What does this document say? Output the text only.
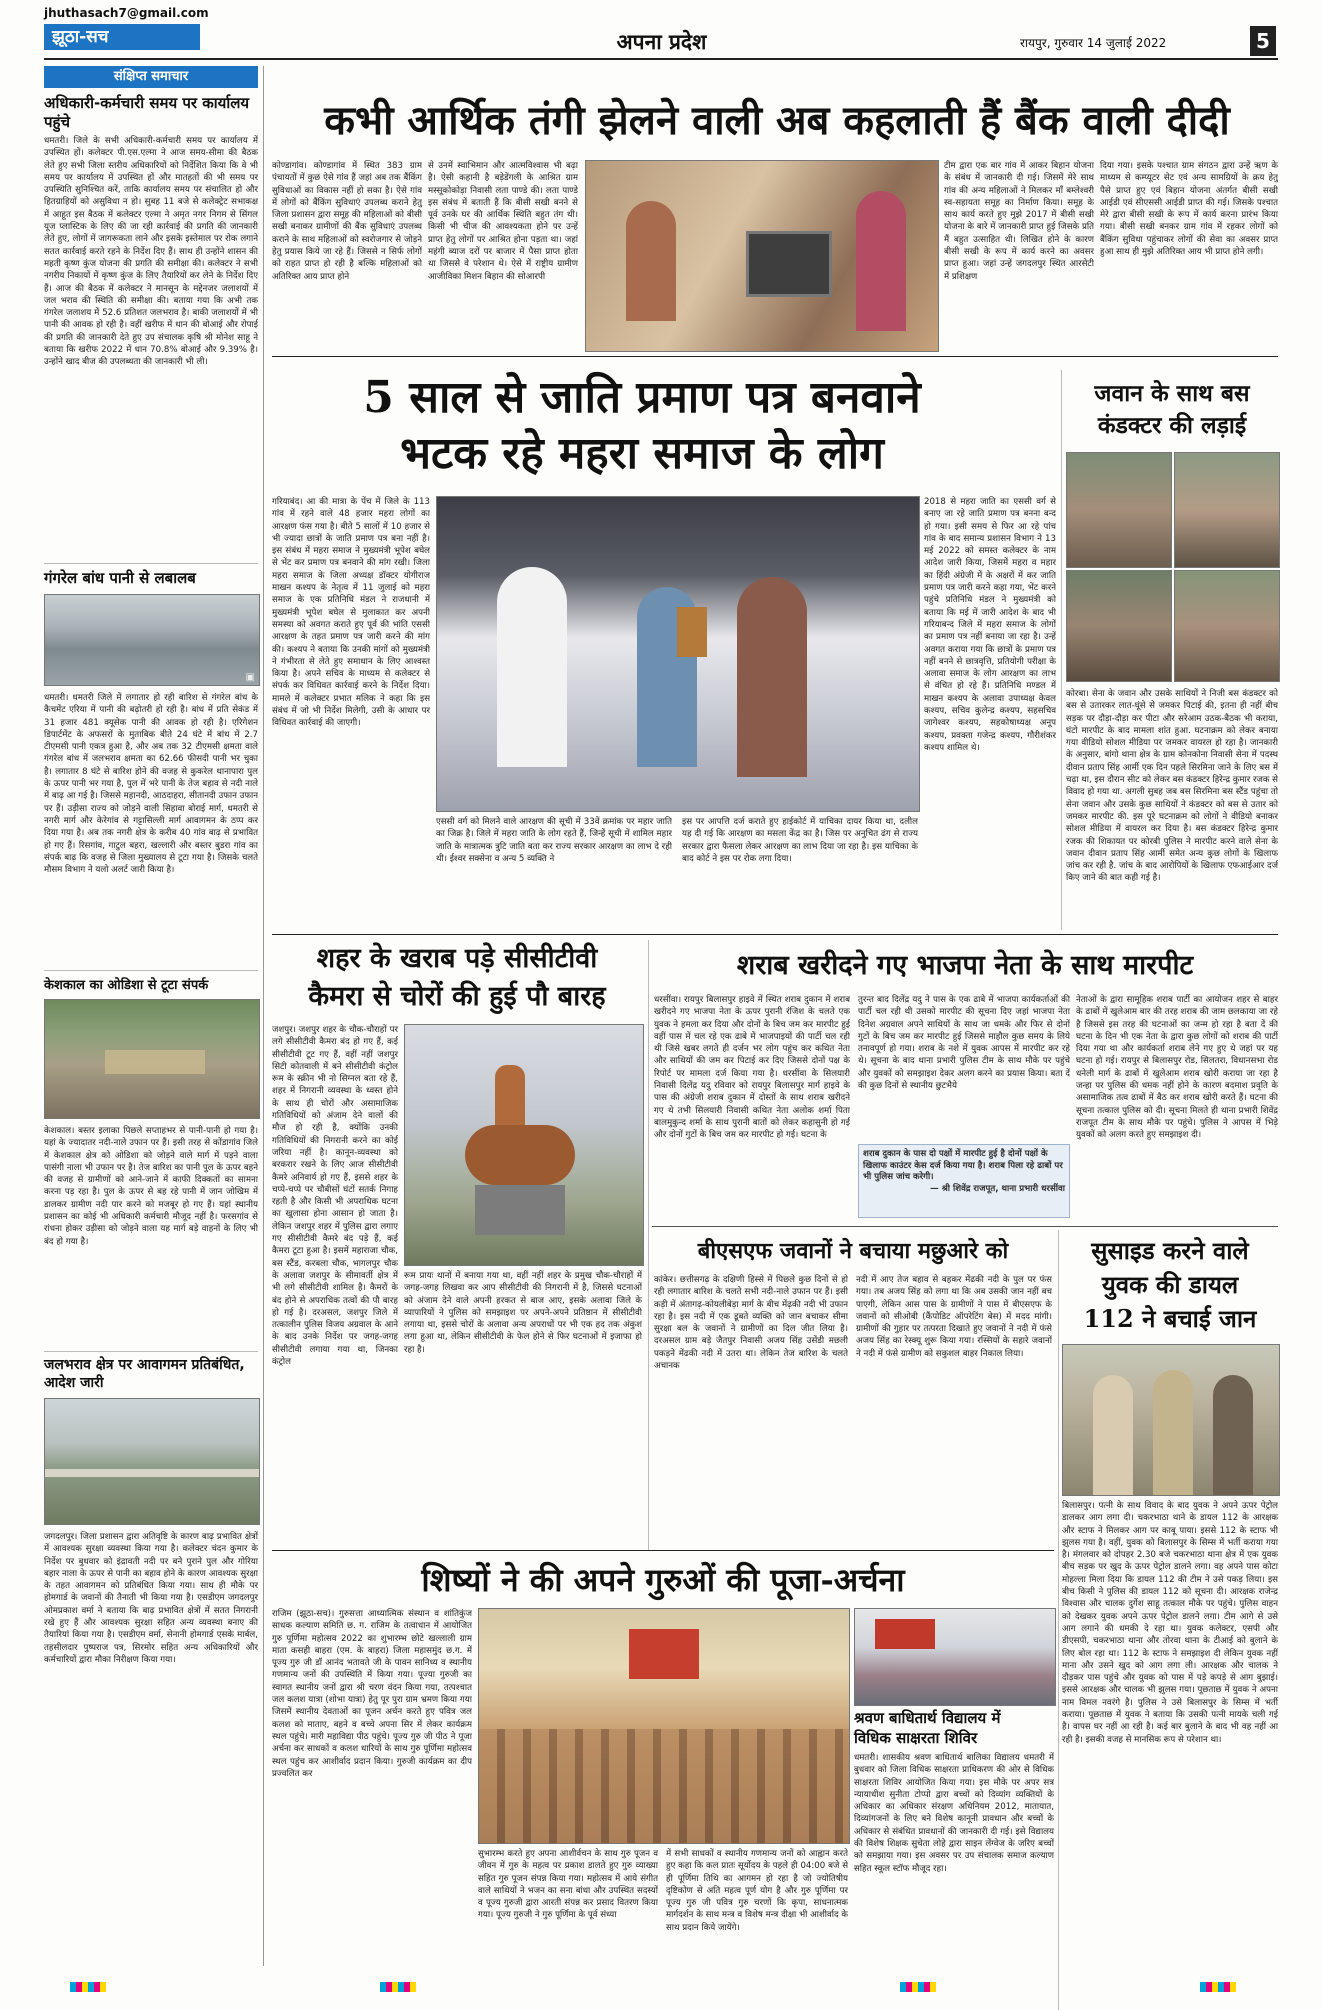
jhuthasach7@gmail.com
झूठा-सच	अपना प्रदेश	रायपुर, गुरुवार 14 जुलाई 2022	5
संक्षिप्त समाचार
अधिकारी-कर्मचारी समय पर कार्यालय पहुंचे
धमतरी। जिले के सभी अधिकारी-कर्मचारी समय पर कार्यालय में उपस्थित हों। कलेक्टर पी.एस.एल्मा ने आज समय-सीमा की बैठक लेते हुए सभी जिला स्तरीय अधिकारियों को निर्देशित किया कि वे भी समय पर कार्यालय में उपस्थित हों और मातहतों की भी समय पर उपस्थिति सुनिश्चित करें, ताकि कार्यालय समय पर संचालित हो और हितग्राहियों को असुविधा न हो। सुबह 11 बजे से कलेक्ट्रेट सभाकक्ष में आहूत इस बैठक में कलेक्टर एल्मा ने अमृत नगर निगम से सिंगल यूज प्लास्टिक के लिए की जा रही कार्रवाई की प्रगति की जानकारी लेते हुए, लोगों में जागरूकता लाने और इसके इस्तेमाल पर रोक लगाने सतत कार्रवाई करते रहने के निर्देश दिए हैं। साथ ही उन्होंने शासन की महती कृष्ण कुंज योजना की प्रगति की समीक्षा की। कलेक्टर ने सभी नगरीय निकायों में कृष्ण कुंज के लिए तैयारियों कर लेने के निर्देश दिए हैं। आज की बैठक में कलेक्टर ने मानसून के मद्देनजर जलाशयों में जल भराव की स्थिति की समीक्षा की। बताया गया कि अभी तक गंगरेल जलाशय में 52.6 प्रतिशत जलभराव है। बाकी जलाशयों में भी पानी की आवक हो रही है। वहीं खरीफ में धान की बोआई और रोपाई की प्रगति की जानकारी देते हुए उप संचालक कृषि श्री मोनेश साहू ने बताया कि खरीफ 2022 में धान 70.8% बोआई और 9.39% है। उन्होंने खाद बीज की उपलब्धता की जानकारी भी ली।
गंगरेल बांध पानी से लबालब
▣
धमतरी। धमतरी जिले में लगातार हो रही बारिश से गंगरेल बांध के कैचमेंट एरिया में पानी की बढ़ोतरी हो रही है। बांध में प्रति सेकंड में 31 हजार 481 क्यूसेक पानी की आवक हो रही है। एरिगेशन डिपार्टमेंट के अफसरों के मुताबिक बीते 24 घंटे में बांध में 2.7 टीएमसी पानी एकत्र हुआ है, और अब तक 32 टीएमसी क्षमता वाले गंगरेल बांध में जलभराव क्षमता का 62.66 फीसदी पानी भर चुका है। लगातार 8 घंटे से बारिश होने की वजह से कुकरेल थानापारा पुल के ऊपर पानी भर गया है, पुल में भरे पानी के तेज बहाव से नदी नाले में बाढ़ आ गई है। जिससे महानदी, आठदाहरा, सीतानदी उफान उफान पर हैं। उड़ीसा राज्य को जोड़ने वाली सिहावा बोराई मार्ग, धमतरी से नगरी मार्ग और केरेगांव से गट्टासिल्ली मार्ग आवागमन के ठप्प कर दिया गया है। अब तक नगरी क्षेत्र के करीब 40 गांव बाढ़ से प्रभावित हो गए हैं। रिसगांव, गाटुल बहरा, खल्लारी और बस्तर बुडरा गांव का संपर्क बाढ़ कि वजह से जिला मुख्यालय से टूटा गया है। जिसके चलते मौसम विभाग ने यलो अलर्ट जारी किया है।
केशकाल का ओडिशा से टूटा संपर्क
केशकाल। बस्तर इलाका पिछले सप्ताहभर से पानी-पानी हो गया है। यहां के ज्यादातर नदी-नाले उफान पर हैं। इसी तरह से कोंडागांव जिले में केशकाल क्षेत्र को ओडिशा को जोड़ने वाले मार्ग में पड़ने वाला पासंगी नाला भी उफान पर है। तेज बारिश का पानी पुल के ऊपर बहने की वजह से ग्रामीणों को आने-जाने में काफी दिक्कतों का सामना करना पड़ रहा है। पुल के ऊपर से बह रहे पानी में जान जोखिम में डालकर ग्रामीण नदी पार करने को मजबूर हो गए हैं। यहां स्थानीय प्रशासन का कोई भी अधिकारी कर्मचारी मौजूद नहीं है। फरसगांव से रांधना होकर उड़ीसा को जोड़ने वाला यह मार्ग बड़े वाहनों के लिए भी बंद हो गया है।
जलभराव क्षेत्र पर आवागमन प्रतिबंधित, आदेश जारी
जगदलपुर। जिला प्रशासन द्वारा अतिवृष्टि के कारण बाढ़ प्रभावित क्षेत्रों में आवश्यक सुरक्षा व्यवस्था किया गया है। कलेक्टर चंदन कुमार के निर्देश पर बुधवार को इंद्रावती नदी पर बने पुराने पुल और गोरिया बहार नाला के ऊपर से पानी का बहाव होने के कारण आवश्यक सुरक्षा के तहत आवागमन को प्रतिबंधित किया गया। साथ ही मौके पर होमगार्ड के जवानों की तैनाती भी किया गया है। एसडीएम जगदलपुर ओमप्रकाश वर्मा ने बताया कि बाढ़ प्रभावित क्षेत्रों में सतत निगरानी रखे हुए हैं और आवश्यक सुरक्षा सहित अन्य व्यवस्था बनाए की तैयारियां किया गया है। एसडीएम वर्मा, सेनानी होमगार्ड एसके मार्बल, तहसीलदार पुष्पराज पत्र, सिरमोर सहित अन्य अधिकारियों और कर्मचारियों द्वारा मौका निरीक्षण किया गया।
कभी आर्थिक तंगी झेलने वाली अब कहलाती हैं बैंक वाली दीदी
कोण्डागांव। कोण्डागांव में स्थित 383 ग्राम पंचायतों में कुछ ऐसे गांव हैं जहां अब तक बैंकिंग सुविधाओं का विकास नहीं हो सका है। ऐसे गांव में लोगों को बैंकिंग सुविधाएं उपलब्ध कराने हेतु जिला प्रशासन द्वारा समूह की महिलाओं को बीसी सखी बनाकर ग्रामीणों की बैंक सुविधाएं उपलब्ध कराने के साथ महिलाओं को स्वरोजगार से जोड़ने हेतु प्रयास किये जा रहे हैं। जिससे न सिर्फ लोगों को राहत प्राप्त हो रही है बल्कि महिलाओं को अतिरिक्त आय प्राप्त होने
से उनमें स्वाभिमान और आत्मविश्वास भी बढ़ा है। ऐसी कहानी है बड़ेडेंगली के आश्रित ग्राम मस्सूकोकोड़ा निवासी लता पाण्डे की। लता पाण्डे इस संबंध में बताती हैं कि बीसी सखी बनने से पूर्व उनके घर की आर्थिक स्थिति बहुत तंग थी। किसी भी चीज की आवश्यकता होने पर उन्हें प्राप्त हेतु लोगों पर आश्रित होना पड़ता था। जहां महंगी ब्याज दरों पर बाजार में पैसा प्राप्त होता था जिससे वे परेशान थे। ऐसे में राष्ट्रीय ग्रामीण आजीविका मिशन बिहान की सोआरपी
टीम द्वारा एक बार गांव में आकर बिहान योजना के संबंध में जानकारी दी गई। जिसमें मेरे साथ गांव की अन्य महिलाओं ने मिलकर माँ बम्लेश्वरी स्व-सहायता समूह का निर्माण किया। समूह के साथ कार्य करते हुए मुझे 2017 में बीसी सखी योजना के बारे में जानकारी प्राप्त हुई जिसके प्रति मैं बहुत उत्साहित थी। लिखित होने के कारण बीसी सखी के रूप में कार्य करने का अवसर प्राप्त हुआ। जहां उन्हें जगदलपुर स्थित आरसेटी में प्रशिक्षण
दिया गया। इसके पश्चात ग्राम संगठन द्वारा उन्हें ऋण के माध्यम से कम्प्यूटर सेट एवं अन्य सामग्रियों के क्रय हेतु पैसे प्राप्त हुए एवं बिहान योजना अंतर्गत बीसी सखी आईडी एवं सीएससी आईडी प्राप्त की गई। जिसके पश्चात मेरे द्वारा बीसी सखी के रूप में कार्य करना प्रारंभ किया गया। बीसी सखी बनकर ग्राम गांव में रहकर लोगों को बैंकिंग सुविधा पहुंचाकर लोगों की सेवा का अवसर प्राप्त हुआ साथ ही मुझे अतिरिक्त आय भी प्राप्त होने लगी।
5 साल से जाति प्रमाण पत्र बनवाने
भटक रहे महरा समाज के लोग
गरियाबंद। आ की मात्रा के पेंच में जिले के 113 गांव में रहने वाले 48 हजार महरा लोगों का आरक्षण फंस गया है। बीते 5 सालों में 10 हजार से भी ज्यादा छात्रों के जाति प्रमाण पत्र बना नहीं है। इस संबंध में महरा समाज ने मुख्यमंत्री भूपेश बघेल से भेंट कर प्रमाण पत्र बनवाने की मांग रखी। जिला महरा समाज के जिला अध्यक्ष डॉक्टर योगीराज माखन कश्यप के नेतृत्व में 11 जुलाई को महरा समाज के एक प्रतिनिधि मंडल ने राजधानी में मुख्यमंत्री भूपेश बघेल से मुलाकात कर अपनी समस्या को अवगत कराते हुए पूर्व की भांति एससी आरक्षण के तहत प्रमाण पत्र जारी करने की मांग की। कश्यप ने बताया कि उनकी मांगों को मुख्यमंत्री ने गंभीरता से लेते हुए समाधान के लिए आश्वस्त किया है। अपने सचिव के माध्यम से कलेक्टर से संपर्क कर विधिवत कार्रवाई करने के निर्देश दिया। मामले में कलेक्टर प्रभात मलिक ने कहा कि इस संबंध में जो भी निर्देश मिलेगी, उसी के आधार पर विधिवत कार्रवाई की जाएगी।
एससी वर्ग को मिलने वाले आरक्षण की सूची में 33वें क्रमांक पर महार जाति का जिक्र है। जिले में महरा जाति के लोग रहते हैं, जिन्हें सूची में शामिल महार जाति के मात्रात्मक त्रुटि जाति बता कर राज्य सरकार आरक्षण का लाभ दे रही थी। ईश्वर सक्सेना व अन्य 5 व्यक्ति ने
इस पर आपत्ति दर्ज कराते हुए हाईकोर्ट में याचिका दायर किया था, दलील यह दी गई कि आरक्षण का मसला केंद्र का है। जिस पर अनुचित ढंग से राज्य सरकार द्वारा फैसला लेकर आरक्षण का लाभ दिया जा रहा है। इस याचिका के बाद कोर्ट ने इस पर रोक लगा दिया।
2018 से महरा जाति का एससी वर्ग से बनाए जा रहे जाति प्रमाण पत्र बनना बन्द हो गया। इसी समय से फिर आ रहे पांच गांव के बाद समान्य प्रशासन विभाग ने 13 मई 2022 को समस्त कलेक्टर के नाम आदेश जारी किया, जिसमें महरा व महार का हिंदी अंग्रेजी में के अक्षरों में कर जाति प्रमाण पत्र जारी करने कहा गया, भेंट करने पहुंचे प्रतिनिधि मंडल ने मुख्यमंत्री को बताया कि मई में जारी आदेश के बाद भी गरियाबन्द जिले में महरा समाज के लोगों का प्रमाण पत्र नहीं बनाया जा रहा है। उन्हें अवगत कराया गया कि छात्रों के प्रमाण पत्र नहीं बनने से छात्रवृत्ति, प्रतियोगी परीक्षा के अलावा समाज के लोग आरक्षण का लाभ से वंचित हो रहे हैं। प्रतिनिधि मण्डल में माखन कश्यप के अलावा उपाध्यक्ष केवल कश्यप, सचिव कुलेन्द्र कश्यप, सहसचिव जागेश्वर कश्यप, सहकोषाध्यक्ष अनूप कश्यप, प्रवक्ता गजेन्द्र कश्यप, गौरीशंकर कश्यप शामिल थे।
जवान के साथ बस
कंडक्टर की लड़ाई
कोरबा। सेना के जवान और उसके साथियों ने निजी बस कंडक्टर को बस से उतारकर लात-घूंसे से जमकर पिटाई की, इतना ही नहीं बीच सड़क पर दौड़ा-दौड़ा कर पीटा और सरेआम उठक-बैठक भी कराया, घंटो मारपीट के बाद मामला शांत हुआ. घटनाक्रम को लेकर बनाया गया वीडियो सोशल मीडिया पर जमकर वायरल हो रहा है। जानकारी के अनुसार, बांगो थाना क्षेत्र के ग्राम कोनकोना निवासी सेना में पदस्थ दीवान प्रताप सिंह आर्मी एक दिन पहले सिरमिना जाने के लिए बस में चढ़ा था, इस दौरान सीट को लेकर बस कंडक्टर हिरेन्द्र कुमार रजक से विवाद हो गया था. अगली सुबह जब बस सिरमिना बस स्टैंड पहुंचा तो सेना जवान और उसके कुछ साथियों ने कंडक्टर को बस से उतार को जमकर मारपीट की. इस पूरे घटनाक्रम को लोगों ने वीडियो बनाकर सोशल मीडिया में वायरल कर दिया है। बस कंडक्टर हिरेन्द्र कुमार रजक की शिकायत पर कोरबी पुलिस ने मारपीट करने वाले सेना के जवान दीवान प्रताप सिंह आर्मी समेत अन्य कुछ लोगों के खिलाफ जांच कर रही है. जांच के बाद आरोपियों के खिलाफ एफआईआर दर्ज किए जाने की बात कही गई है।
शहर के खराब पड़े सीसीटीवी
कैमरा से चोरों की हुई पौ बारह
जशपुर। जशपुर शहर के चौक-चौराहों पर लगे सीसीटीवी कैमरा बंद हो गए हैं, कई सीसीटीवी टूट गए हैं, वहीं नहीं जशपुर सिटी कोतवाली में बने सीसीटीवी कंट्रोल रूम के स्क्रीन भी नो सिग्नल बता रहे हैं, शहर में निगरानी व्यवस्था के ध्वस्त होने के साथ ही चोरों और असामाजिक गतिविधियों को अंजाम देने वालों की मौज हो रही है, क्योंकि उनकी गतिविधियों की निगरानी करने का कोई जरिया नहीं है। कानून-व्यवस्था को बरकरार रखने के लिए आज सीसीटीवी कैमरे अनिवार्य हो गए हैं, इससे शहर के चप्पे-चप्पे पर चौबीसों घंटों सतर्क निगाह रहती है और किसी भी अपराधिक घटना का खुलासा होना आसान हो जाता है। लेकिन जशपुर शहर में पुलिस द्वारा लगाए गए सीसीटीवी कैमरे बंद पड़े हैं, कई कैमरा टूटा हुआ है। इसमें महाराजा चौक, बस स्टैंड, करबला चौक, भागलपुर चौक के अलावा जशपुर के सीमावर्ती क्षेत्र में भी लगे सीसीटीवी शामिल है। कैमरों के बंद होने से अपराधिक तत्वों की पौ बारह हो गई है। दरअसल, जशपुर जिले में तत्कालीन पुलिस विजय अग्रवाल के आने के बाद उनके निर्देश पर जगह-जगह सीसीटीवी लगाया गया था, जिनका कंट्रोल
रूम प्रायः थानों में बनाया गया था, वहीं नहीं शहर के प्रमुख चौक-चौराहों में जगह-जगह लिखवा कर आप सीसीटीवी की निगरानी में है, जिससे घटनाओं को अंजाम देने वाले अपनी हरकत से बाज आए, इसके अलावा जिले के व्यापारियों ने पुलिस को समझाइश पर अपने-अपने प्रतिष्ठान में सीसीटीवी लगाया था, इससे चोरों के अलावा अन्य अपराधों पर भी एक हद तक अंकुश लगा हुआ था, लेकिन सीसीटीवी के फेल होने से फिर घटनाओं में इजाफा हो रहा है।
शराब खरीदने गए भाजपा नेता के साथ मारपीट
धरसींवा। रायपुर बिलासपुर हाइवे में स्थित शराब दुकान में शराब खरीदने गए भाजपा नेता के ऊपर पुरानी रंजिश के चलते एक युवक ने हमला कर दिया और दोनों के बिच जम कर मारपीट हुई वहीं पास में चल रहे एक ढाबे में भाजपाइयों की पार्टी चल रही थी जिसे खबर लगते ही दर्जन भर लोग पहुंच कर कथित नेता और साथियों की जम कर पिटाई कर दिए जिससे दोनों पक्ष के रिपोर्ट पर मामला दर्ज किया गया है। धरसींवा के सिलयारी निवासी दिलेंद्र यदु रविवार को रायपुर बिलासपुर मार्ग हाइवे के पास की अंग्रेजी शराब दुकान में दोस्तों के साथ शराब खरीदने गए थे तभी सिलयारी निवासी कथित नेता अलोक शर्मा पिता बालमुकुन्द शर्मा के साथ पुरानी बातों को लेकर कहासुनी हो गई और दोनों गुटों के बिच जम कर मारपीट हो गई। घटना के
तुरन्त बाद दिलेंद्र यदु ने पास के एक ढाबे में भाजपा कार्यकर्ताओं की पार्टी चल रही थी उसको मारपीट की सूचना दिए जहां भाजपा नेता दिनेश अग्रवाल अपने साथियों के साथ जा धमके और फिर से दोनों गुटों के बिच जम कर मारपीट हुई जिससे माहौल कुछ समय के लिये तनावपूर्ण हो गया। शराब के नशे में युवक आपस में मारपीट कर रहे थे। सूचना के बाद थाना प्रभारी पुलिस टीम के साथ मौके पर पहुंचे और युवकों को समझाइश देकर अलग करने का प्रयास किया। बता दें की कुछ दिनों से स्थानीय छुटभैये
नेताओं के द्वारा सामूहिक शराब पार्टी का आयोजन शहर से बाहर के ढाबों में खुलेआम बार की तरह शराब की जाम छलकाया जा रहे है जिससे इस तरह की घटनाओं का जन्म हो रहा है बता दें की घटना के दिन भी एक नेता के द्वारा कुछ लोगों को शराब की पार्टी दिया गया था और कार्यकर्ता शराब लेने गए हुए थे जहां पर यह घटना हो गई। रायपुर से बिलासपुर रोड, सिलतरा, विधानसभा रोड धनेली मार्ग के ढाबों में खुलेआम शराब खोरी कराया जा रहा है जन्हा पर पुलिस की धमक नहीं होने के कारण बदमाश प्रवृति के असामाजिक तत्व ढाबों में बैठ कर शराब खोरी करते हैं। घटना की सूचना तत्काल पुलिस को दी। सूचना मिलते ही थाना प्रभारी शिवेंद्र राजपूत टीम के साथ मौके पर पहुंचे। पुलिस ने आपस में भिड़े युवकों को अलग करते हुए समझाइश दी।
शराब दुकान के पास दो पक्षों में मारपीट हुई है दोनों पक्षों के खिलाफ काउंटर केस दर्ज किया गया है। शराब पिला रहे ढाबों पर भी पुलिस जांच करेगी।
— श्री शिवेंद्र राजपूत, थाना प्रभारी धरसींवा
बीएसएफ जवानों ने बचाया मछुआरे को
कांकेर। छत्तीसगढ़ के दक्षिणी हिस्से में पिछले कुछ दिनों से हो रही लगातार बारिश के चलते सभी नदी-नाले उफान पर हैं। इसी कड़ी में अंतागढ़-कोयलीबेड़ा मार्ग के बीच मेंढ़की नदी भी उफान रहा है। इस नदी में एक डूबते व्यक्ति को जान बचाकर सीमा सुरक्षा बल के जवानों ने ग्रामीणों का दिल जीत लिया है। दरअसल ग्राम बड़े जैतपुर निवासी अजय सिंह उसेंडी मछली पकड़ने मेंढकी नदी में उतरा था। लेकिन तेज बारिश के चलते अचानक
नदी में आए तेज बहाव से बहकर मेंढकी नदी के पुल पर फंस गया। तब अजय सिंह को लगा था कि अब उसकी जान नहीं बच पाएगी, लेकिन आस पास के ग्रामीणों ने पास में बीएसएफ के जवानों को सीओबी (कैंपोडिट ऑपरेटिंग बेस) में मदद मांगी। ग्रामीणों की गुहार पर तत्परता दिखाते हुए जवानों ने नदी में फंसे अजय सिंह का रेस्क्यू शुरू किया गया। रस्सियों के सहारे जवानों ने नदी में फंसे ग्रामीण को सकुशल बाहर निकाल लिया।
सुसाइड करने वाले
युवक की डायल
112 ने बचाई जान
बिलासपुर। पत्नी के साथ विवाद के बाद युवक ने अपने ऊपर पेट्रोल डालकर आग लगा दी। चकरभाठा थाने के डायल 112 के आरक्षक और स्टाफ ने मिलकर आग पर काबू पाया। इससे 112 के स्टाफ भी झुलस गया है। वहीं, युवक को बिलासपुर के सिम्स में भर्ती कराया गया है। मंगलवार को दोपहर 2.30 बजे चकरभाठा थाना क्षेत्र में एक युवक बीच सड़क पर खुद के ऊपर पेट्रोल डालने लगा। वह अपने पास कोटा मोहल्ला मिला दिया कि डायल 112 की टीम ने उसे पकड़ लिया। इस बीच किसी ने पुलिस की डायल 112 को सूचना दी। आरक्षक राजेन्द्र विश्वास और चालक दुर्गेश साहू तत्काल मौके पर पहुंचे। पुलिस वाहन को देखकर युवक अपने ऊपर पेट्रोल डालने लगा। टीम आगे से उसे आग लगाने की धमकी दे रहा था। युवक कलेक्टर, एसपी और डीएसपी, चकरभाठा थाना और तोरवा थाना के टीआई को बुलाने के लिए बोल रहा था। 112 के स्टाफ ने समझाइश दी लेकिन युवक नहीं माना और उसने खुद को आग लगा ली। आरक्षक और चालक ने दौड़कर पास पहुंचे और युवक को पास में पड़े कपड़े से आग बुझाई। इससे आरक्षक और चालक भी झुलस गया। पूछताछ में युवक ने अपना नाम विमल नवरंगे है। पुलिस ने उसे बिलासपुर के सिम्स में भर्ती कराया। पूछताछ में युवक ने बताया कि उसकी पत्नी मायके चली गई है। वापस घर नहीं आ रही है। कई बार बुलाने के बाद भी वह नहीं आ रही है। इसकी वजह से मानसिक रूप से परेशान था।
शिष्यों ने की अपने गुरुओं की पूजा-अर्चना
राजिम (झूठा-सच)। गुरुसत्ता आध्यात्मिक संस्थान व शांतिकुंज साधक कल्याण समिति छ. ग. राजिम के तत्वाधान में आयोजित गुरु पूर्णिमा महोत्सव 2022 का शुभारम्भ छोटे खल्लाली ग्राम माता कसही बाहरा (एम. के बाहरा) जिला महासमुंद छ.ग. में पूज्य गुरु जी डॉ आनंद भतावते जी के पावन सानिध्य व स्थानीय गणमान्य जनों की उपस्थिति में किया गया। पूज्या गुरुजी का स्वागत स्थानीय जनों द्वारा श्री चरण वंदन किया गया, तत्पश्चात जल कलश यात्रा (शोभा यात्रा) हेतु पूर पुरा ग्राम भ्रमण किया गया जिसमें स्थानीय देवताओं का पूजन अर्चन करते हुए पवित्र जल कलश को माताए, बहने व बच्चे अपना सिर में लेकर कार्यक्रम स्थल पहुंचे। मारी महाविद्या पीठ पहुंचे। पूज्य गुरु जी पीठ ने पूजा अर्चना कर साधकों व कलश धारियों के साथ गुरु पूर्णिमा महोत्सव स्थल पहुंच कर आशीर्वाद प्रदान किया। गुरुजी कार्यक्रम का दीप प्रज्वलित कर
सुभारम्भ करते हुए अपना आशीर्वचन के साथ गुरु पूजन व जीवन में गुरु के महत्व पर प्रकाश डालते हुए गुरु व्याख्या सहित गुरु पूजन संपन्न किया गया। महोत्सव में आये संगीत वाले साथियों ने भजन का सना बांधा और उपस्थित सदस्यों व पूज्य गुरुजी द्वारा आरती संपन्न कर प्रसाद वितरण किया गया। पूज्य गुरुजी ने गुरु पूर्णिमा के पूर्व संध्या
में सभी साधकों व स्थानीय गणमान्य जनों को आह्वान करते हुए कहा कि कल प्रातः सूर्योदय के पहले ही 04:00 बजे से ही पूर्णिमा तिथि का आगमन हो रहा है जो ज्योतिषीय दृष्टिकोण से अति महत्व पूर्ण योग है और गुरु पूर्णिमा पर पूज्य गुरु जी पवित्र गुरु चरणों कि कृपा, साधनात्मक मार्गदर्शन के साथ मन्त्र व विशेष मन्त्र दीक्षा भी आशीर्वाद के साथ प्रदान किये जायेंगे।
श्रवण बाधितार्थ विद्यालय में
विधिक साक्षरता शिविर
धमतरी। शासकीय श्रवण बाधितार्थ बालिका विद्यालय धमतरी में बुधवार को जिला विधिक साक्षरता प्राधिकरण की ओर से विधिक साक्षरता शिविर आयोजित किया गया। इस मौके पर अपर सत्र न्यायाधीश सुनीता टोप्पो द्वारा बच्चों को दिव्यांग व्यक्तियों के अधिकार का अधिकार संरक्षण अधिनियम 2012, मातायात, दिव्यांगजनों के लिए बने विशेष कानूनी प्रावधान और बच्चों के अधिकार से संबंधित प्रावधानों की जानकारी दी गई। इसे विद्यालय की विशेष शिक्षक सुचेता लोहे द्वारा साइन लेंग्वेज के जरिए बच्चों को समझाया गया। इस अवसर पर उप संचालक समाज कल्याण सहित स्कूल स्टॉफ मौजूद रहा।
